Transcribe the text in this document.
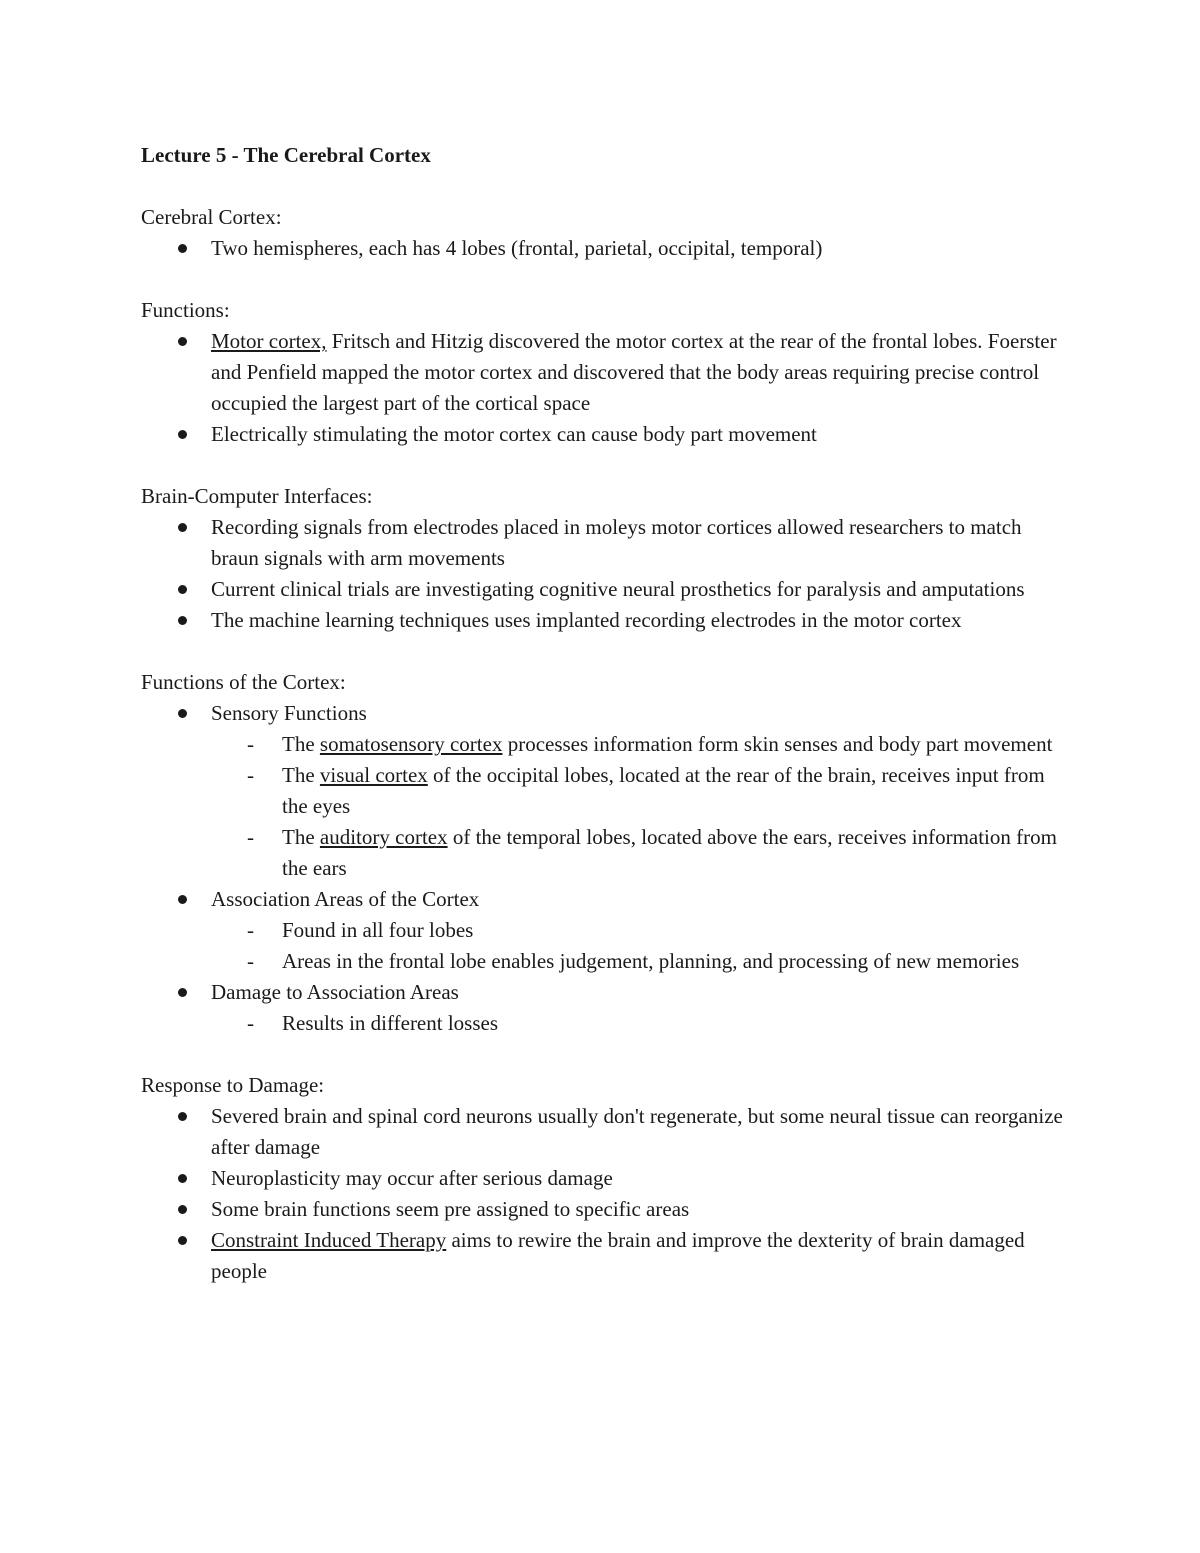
Lecture 5 - The Cerebral Cortex
Cerebral Cortex:
Two hemispheres, each has 4 lobes (frontal, parietal, occipital, temporal)
Functions:
Motor cortex, Fritsch and Hitzig discovered the motor cortex at the rear of the frontal lobes. Foerster and Penfield mapped the motor cortex and discovered that the body areas requiring precise control occupied the largest part of the cortical space
Electrically stimulating the motor cortex can cause body part movement
Brain-Computer Interfaces:
Recording signals from electrodes placed in moleys motor cortices allowed researchers to match braun signals with arm movements
Current clinical trials are investigating cognitive neural prosthetics for paralysis and amputations
The machine learning techniques uses implanted recording electrodes in the motor cortex
Functions of the Cortex:
Sensory Functions
- The somatosensory cortex processes information form skin senses and body part movement
- The visual cortex of the occipital lobes, located at the rear of the brain, receives input from the eyes
- The auditory cortex of the temporal lobes, located above the ears, receives information from the ears
Association Areas of the Cortex
- Found in all four lobes
- Areas in the frontal lobe enables judgement, planning, and processing of new memories
Damage to Association Areas
- Results in different losses
Response to Damage:
Severed brain and spinal cord neurons usually don't regenerate, but some neural tissue can reorganize after damage
Neuroplasticity may occur after serious damage
Some brain functions seem pre assigned to specific areas
Constraint Induced Therapy aims to rewire the brain and improve the dexterity of brain damaged people
